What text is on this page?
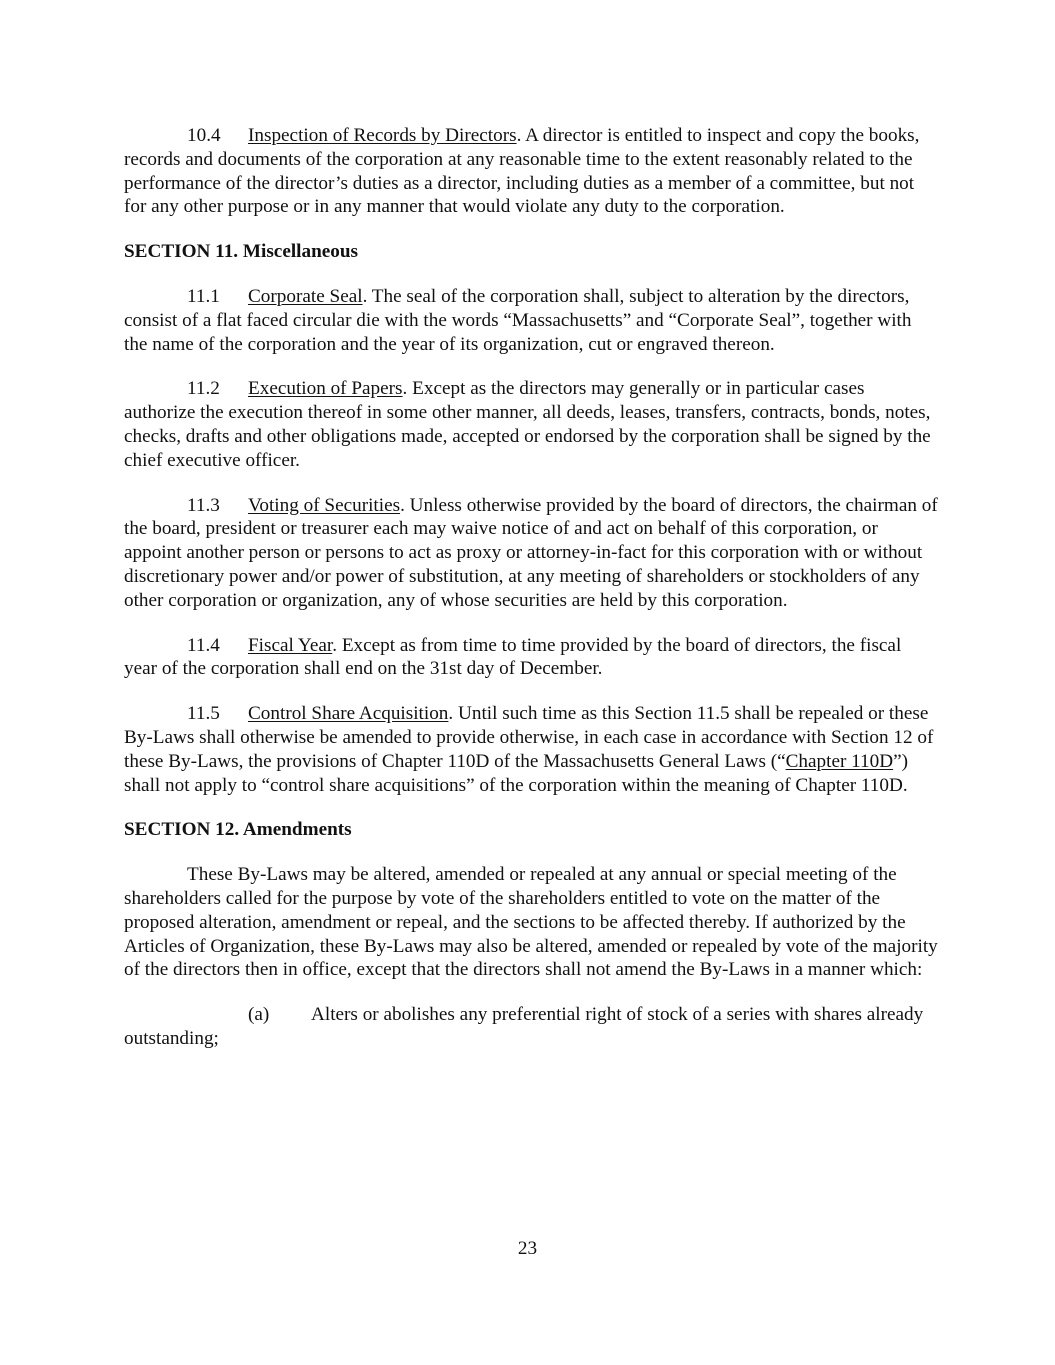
10.4 Inspection of Records by Directors. A director is entitled to inspect and copy the books, records and documents of the corporation at any reasonable time to the extent reasonably related to the performance of the director’s duties as a director, including duties as a member of a committee, but not for any other purpose or in any manner that would violate any duty to the corporation.

SECTION 11. Miscellaneous

11.1 Corporate Seal. The seal of the corporation shall, subject to alteration by the directors, consist of a flat faced circular die with the words “Massachusetts” and “Corporate Seal”, together with the name of the corporation and the year of its organization, cut or engraved thereon.

11.2 Execution of Papers. Except as the directors may generally or in particular cases authorize the execution thereof in some other manner, all deeds, leases, transfers, contracts, bonds, notes, checks, drafts and other obligations made, accepted or endorsed by the corporation shall be signed by the chief executive officer.

11.3 Voting of Securities. Unless otherwise provided by the board of directors, the chairman of the board, president or treasurer each may waive notice of and act on behalf of this corporation, or appoint another person or persons to act as proxy or attorney-in-fact for this corporation with or without discretionary power and/or power of substitution, at any meeting of shareholders or stockholders of any other corporation or organization, any of whose securities are held by this corporation.

11.4 Fiscal Year. Except as from time to time provided by the board of directors, the fiscal year of the corporation shall end on the 31st day of December.

11.5 Control Share Acquisition. Until such time as this Section 11.5 shall be repealed or these By-Laws shall otherwise be amended to provide otherwise, in each case in accordance with Section 12 of these By-Laws, the provisions of Chapter 110D of the Massachusetts General Laws (“Chapter 110D”) shall not apply to “control share acquisitions” of the corporation within the meaning of Chapter 110D.

SECTION 12. Amendments

These By-Laws may be altered, amended or repealed at any annual or special meeting of the shareholders called for the purpose by vote of the shareholders entitled to vote on the matter of the proposed alteration, amendment or repeal, and the sections to be affected thereby. If authorized by the Articles of Organization, these By-Laws may also be altered, amended or repealed by vote of the majority of the directors then in office, except that the directors shall not amend the By-Laws in a manner which:

(a) Alters or abolishes any preferential right of stock of a series with shares already outstanding;

23
